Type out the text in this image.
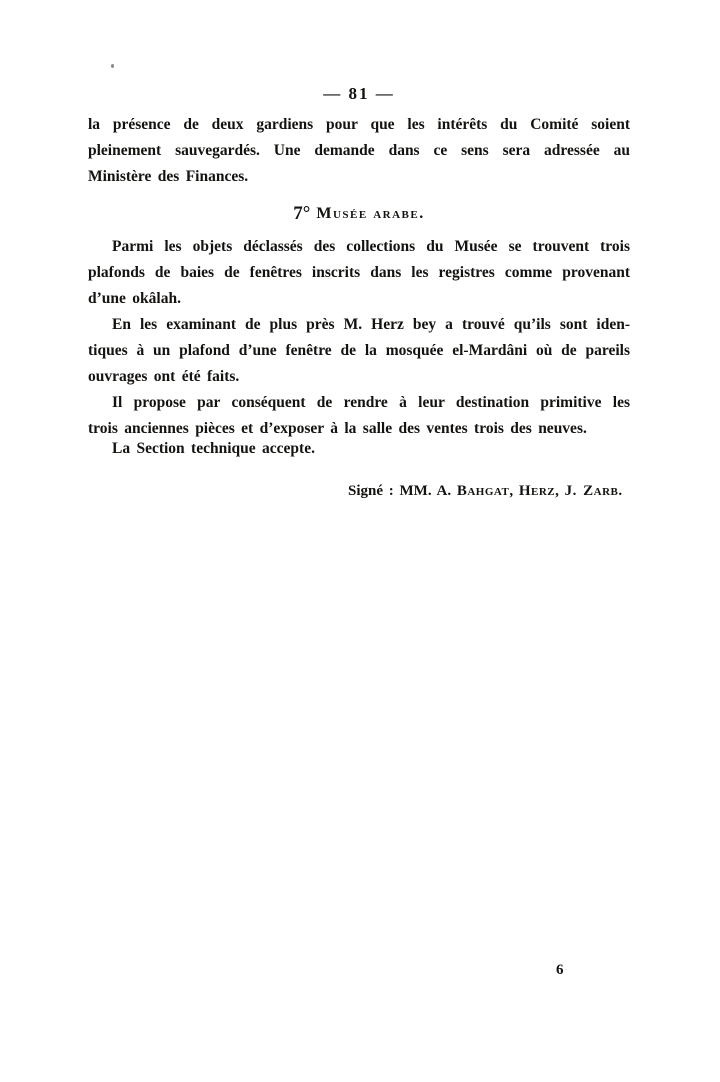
— 81 —
la présence de deux gardiens pour que les intérêts du Comité soient
pleinement sauvegardés. Une demande dans ce sens sera adressée au
Ministère des Finances.
7° Musée arabe.
Parmi les objets déclassés des collections du Musée se trouvent trois
plafonds de baies de fenêtres inscrits dans les registres comme provenant
d’une okâlah.
En les examinant de plus près M. Herz bey a trouvé qu’ils sont iden-
tiques à un plafond d’une fenêtre de la mosquée el-Mardâni où de pareils
ouvrages ont été faits.
Il propose par conséquent de rendre à leur destination primitive les
trois anciennes pièces et d’exposer à la salle des ventes trois des neuves.
La Section technique accepte.
Signé : MM. A. Bahgat, Herz, J. Zarb.
6
